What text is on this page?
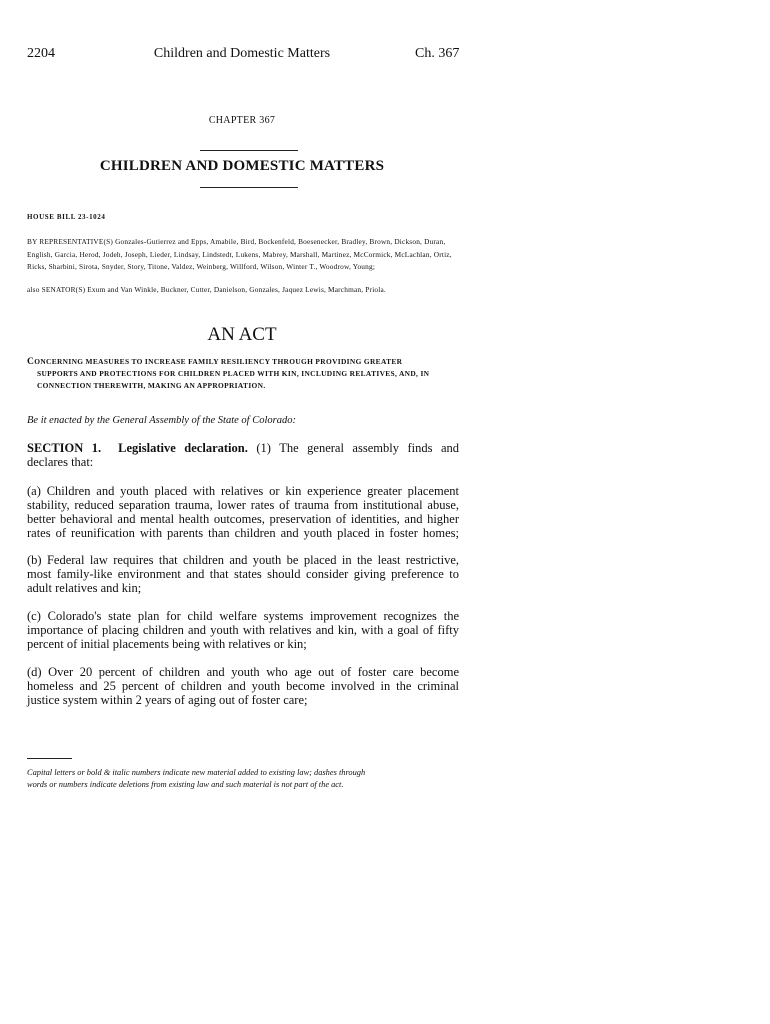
2204	Children and Domestic Matters	Ch. 367
CHAPTER 367
CHILDREN AND DOMESTIC MATTERS
HOUSE BILL 23-1024
BY REPRESENTATIVE(S) Gonzales-Gutierrez and Epps, Amabile, Bird, Bockenfeld, Boesenecker, Bradley, Brown, Dickson, Duran, English, Garcia, Herod, Jodeh, Joseph, Lieder, Lindsay, Lindstedt, Lukens, Mabrey, Marshall, Martinez, McCormick, McLachlan, Ortiz, Ricks, Sharbini, Sirota, Snyder, Story, Titone, Valdez, Weinberg, Willford, Wilson, Winter T., Woodrow, Young;
also SENATOR(S) Exum and Van Winkle, Buckner, Cutter, Danielson, Gonzales, Jaquez Lewis, Marchman, Priola.
AN ACT
CONCERNING MEASURES TO INCREASE FAMILY RESILIENCY THROUGH PROVIDING GREATER
SUPPORTS AND PROTECTIONS FOR CHILDREN PLACED WITH KIN, INCLUDING RELATIVES, AND, IN
CONNECTION THEREWITH, MAKING AN APPROPRIATION.
Be it enacted by the General Assembly of the State of Colorado:
SECTION 1. Legislative declaration. (1) The general assembly finds and
declares that:
(a) Children and youth placed with relatives or kin experience greater placement
stability, reduced separation trauma, lower rates of trauma from institutional abuse,
better behavioral and mental health outcomes, preservation of identities, and higher
rates of reunification with parents than children and youth placed in foster homes;
(b) Federal law requires that children and youth be placed in the least restrictive,
most family-like environment and that states should consider giving preference to
adult relatives and kin;
(c) Colorado's state plan for child welfare systems improvement recognizes the
importance of placing children and youth with relatives and kin, with a goal of fifty
percent of initial placements being with relatives or kin;
(d) Over 20 percent of children and youth who age out of foster care become
homeless and 25 percent of children and youth become involved in the criminal
justice system within 2 years of aging out of foster care;
Capital letters or bold & italic numbers indicate new material added to existing law; dashes through
words or numbers indicate deletions from existing law and such material is not part of the act.
